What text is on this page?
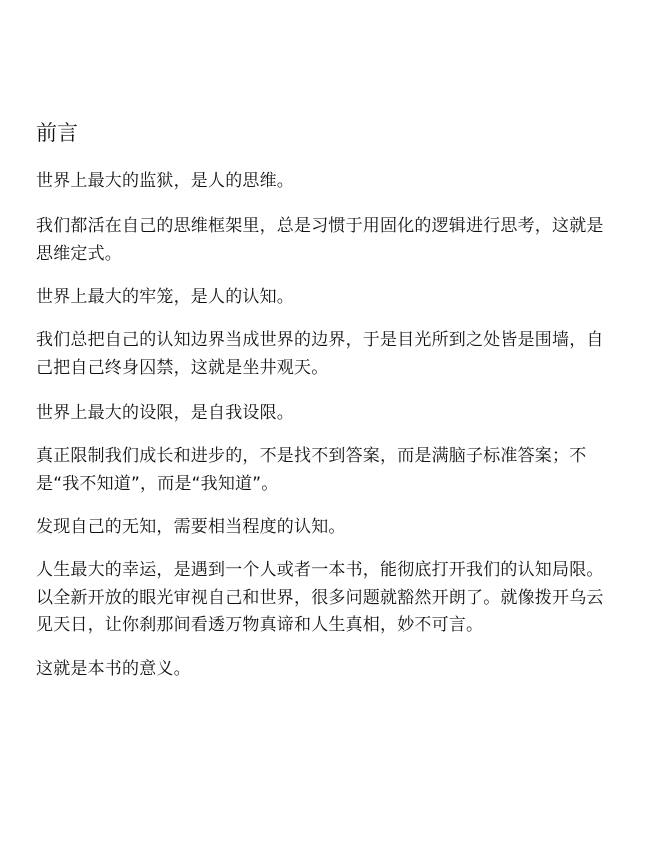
前言

世界上最大的监狱，是人的思维。

我们都活在自己的思维框架里，总是习惯于用固化的逻辑进行思考，这就是思维定式。

世界上最大的牢笼，是人的认知。

我们总把自己的认知边界当成世界的边界，于是目光所到之处皆是围墙，自己把自己终身囚禁，这就是坐井观天。

世界上最大的设限，是自我设限。

真正限制我们成长和进步的，不是找不到答案，而是满脑子标准答案；不是“我不知道”，而是“我知道”。

发现自己的无知，需要相当程度的认知。

人生最大的幸运，是遇到一个人或者一本书，能彻底打开我们的认知局限。以全新开放的眼光审视自己和世界，很多问题就豁然开朗了。就像拨开乌云见天日，让你刹那间看透万物真谛和人生真相，妙不可言。

这就是本书的意义。
